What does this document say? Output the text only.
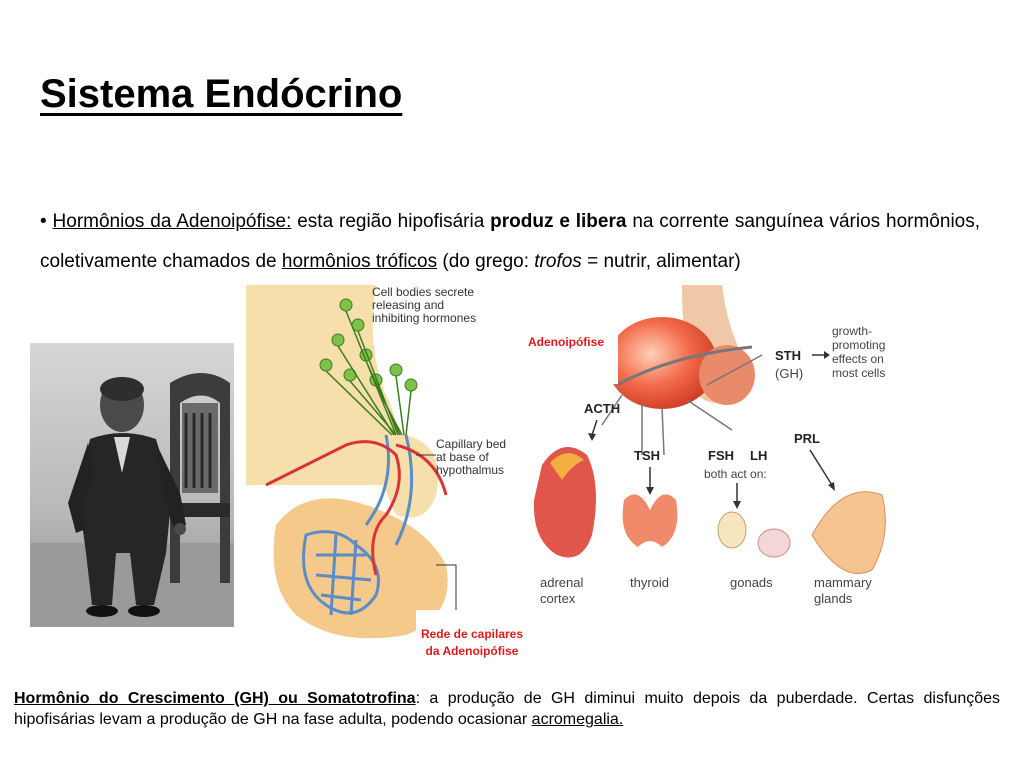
Sistema Endócrino
• Hormônios da Adenoipófise: esta região hipofisária produz e libera na corrente sanguínea vários hormônios, coletivamente chamados de hormônios tróficos (do grego: trofos = nutrir, alimentar)
Cell bodies secrete
releasing and
inhibiting hormones
Capillary bed
at base of
hypothalmus
STH
(GH)
growth-
promoting
effects on
most cells
ACTH
TSH	FSH LH
both act on:
PRL
adrenal
cortex
thyroid	gonads	mammary
glands
Adenoipófise
Rede de capilares da Adenoipófise
Hormônio do Crescimento (GH) ou Somatotrofina: a produção de GH diminui muito depois da puberdade. Certas disfunções hipofisárias levam a produção de GH na fase adulta, podendo ocasionar acromegalia.
